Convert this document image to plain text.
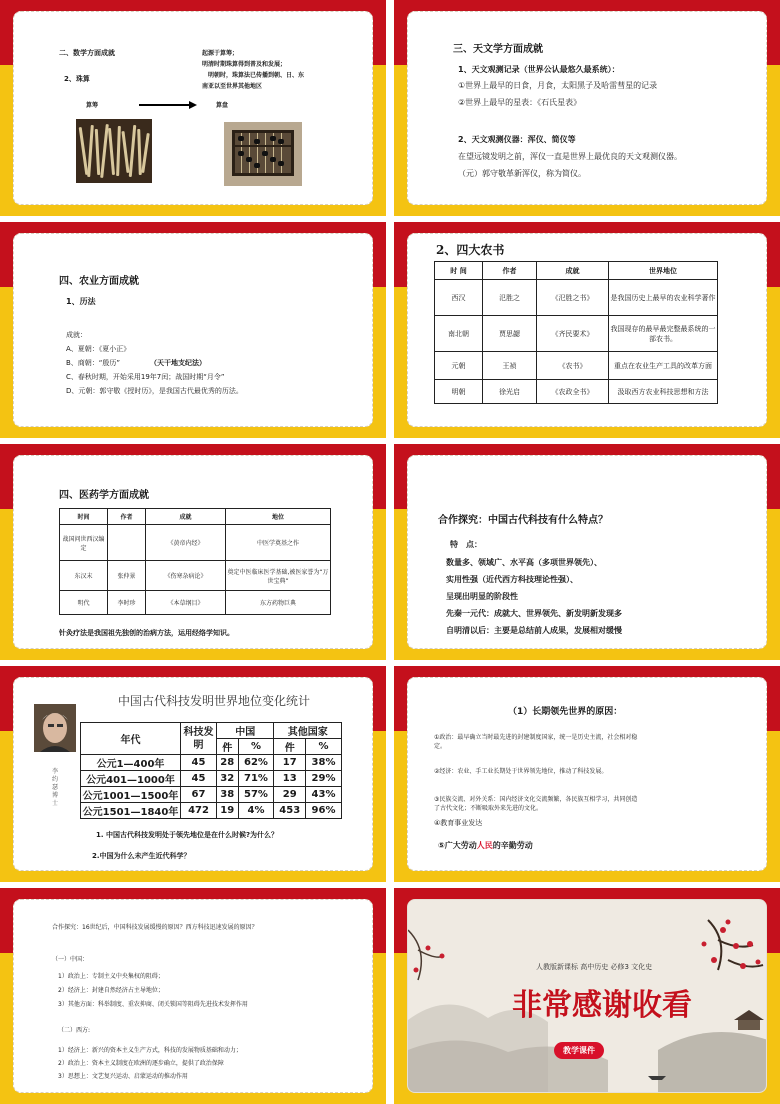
二、数学方面成就
2、珠算
起源于算筹；
明清时期珠算得到普及和发展；
明朝时，珠算法已传播到朝、日、东
南亚以至世界其他地区
算筹	算盘
三、天文学方面成就
1、天文观测记录（世界公认最悠久最系统）：
①世界上最早的日食，月食，太阳黑子及哈雷彗星的记录
②世界上最早的星表：《石氏星表》
2、天文观测仪器：浑仪、简仪等
在望远镜发明之前，浑仪一直是世界上最优良的天文观测仪器。
（元）郭守敬革新浑仪，称为简仪。
四、农业方面成就
1、历法
成就：
A、夏朝：《夏小正》
B、商朝：“殷历”	（天干地支纪法）
C、春秋时期，开始采用19年7闰；战国时期“月令”
D、元朝：郭守敬《授时历》，是我国古代最优秀的历法。
2、四大农书
时 间	作者	成就	世界地位
西汉	氾胜之	《氾胜之书》	是我国历史上最早的农业科学著作
南北朝	贾思勰	《齐民要术》	我国现存的最早最完整最系统的一部农书。
元朝	王祯	《农书》	重点在农业生产工具的改革方面
明朝	徐光启	《农政全书》	汲取西方农业科技思想和方法
四、医药学方面成就
时间	作者	成就	地位
战国问世西汉编定		《黄帝内经》	中医学奠基之作
东汉末	张仲景	《伤寒杂病论》	奠定中医临床医学基础,被医家誉为“万世宝典”
明代	李时珍	《本草纲目》	东方药物巨典
针灸疗法是我国祖先独创的治病方法，运用经络学知识。
合作探究：中国古代科技有什么特点？
特　点：
数量多、领域广、水平高（多项世界领先）、
实用性强（近代西方科技理论性强）、
呈现出明显的阶段性
先秦一元代：成就大、世界领先、新发明新发现多
自明清以后：主要是总结前人成果，发展相对缓慢
中国古代科技发明世界地位变化统计
李约瑟博士
年代	科技发明	中国		其他国家	
		件	%	件	%
公元1—400年	45	28	62%	17	38%
公元401—1000年	45	32	71%	13	29%
公元1001—1500年	67	38	57%	29	43%
公元1501—1840年	472	19	4%	453	96%
1. 中国古代科技发明处于领先地位是在什么时候?为什么？
2.中国为什么未产生近代科学？
（1）长期领先世界的原因：
①政治：最早确立当时最先进的封建制度国家，统一是历史主流，社会相对稳
定。
②经济：农业、手工业长期处于世界领先地位，推动了科技发展。
③民族交流、对外关系：国内经济文化交流频繁，各民族互相学习，共同创造
了古代文化；不断吸取外来先进的文化。
④教育事业发达
⑤广大劳动人民的辛勤劳动
合作探究：16世纪后，中国科技发展缓慢的原因？西方科技迅速发展的原因？
（一）中国：
1）政治上：专制主义中央集权的阻碍；
2）经济上：封建自然经济占主导地位；
3）其他方面：科举制度、重农抑商、闭关锁国等阻碍先进技术发挥作用
（二）西方:
1）经济上：新兴的资本主义生产方式，科技的发展物质基础和动力；
2）政治上：资本主义制度在欧洲的逐步确立，提供了政治保障
3）思想上：文艺复兴运动、启蒙运动的推动作用
人教版新课标 高中历史 必修3 文化史
非常感谢收看
教学课件
